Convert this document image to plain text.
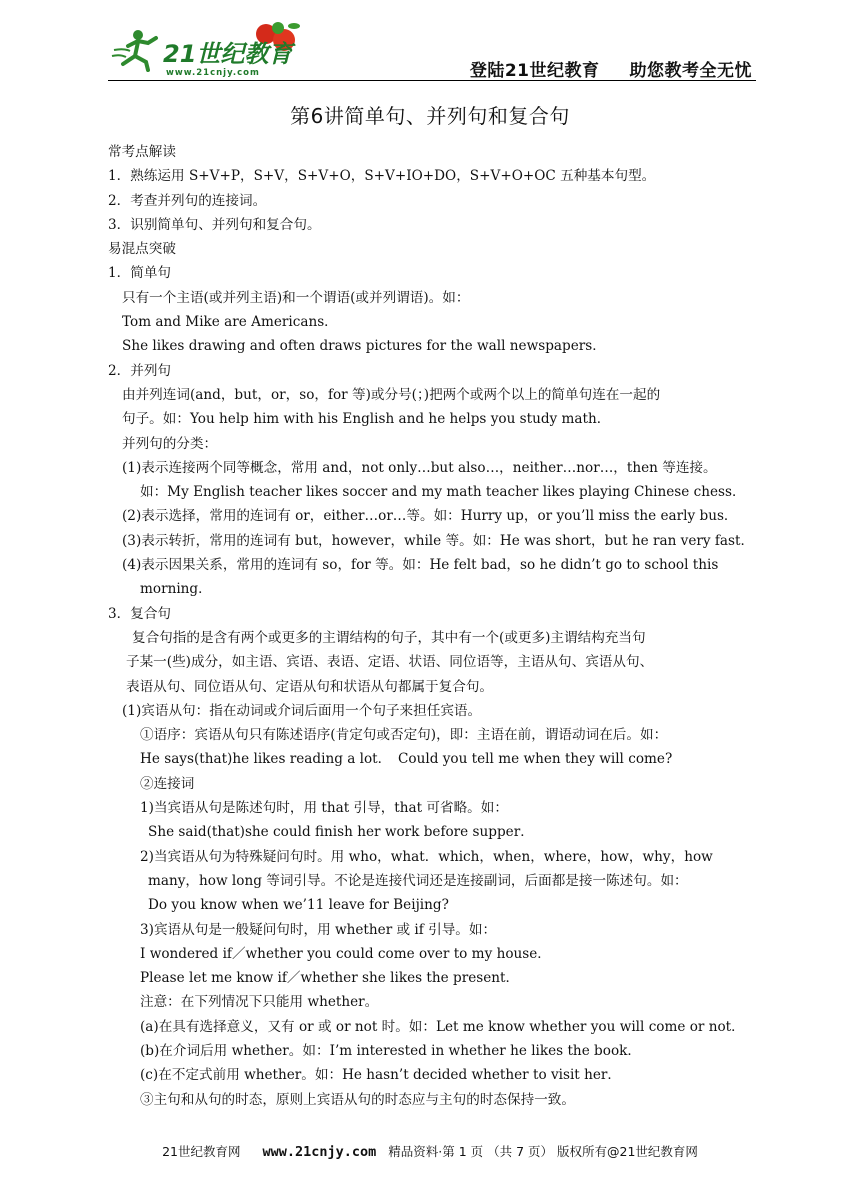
21世纪教育
www.21cnjy.com	登陆21世纪教育 助您教考全无忧
第6讲简单句、并列句和复合句
常考点解读
1．熟练运用 S+V+P，S+V，S+V+O，S+V+IO+DO，S+V+O+OC 五种基本句型。
2．考查并列句的连接词。
3．识别简单句、并列句和复合句。
易混点突破
1．简单句
只有一个主语(或并列主语)和一个谓语(或并列谓语)。如：
Tom and Mike are Americans．
She likes drawing and often draws pictures for the wall newspapers．
2．并列句
由并列连词(and，but，or，so，for 等)或分号(；)把两个或两个以上的简单句连在一起的
句子。如：You help him with his English and he helps you study math．
并列句的分类：
(1)表示连接两个同等概念，常用 and，not only…but also…，neither…nor…，then 等连接。
如：My English teacher likes soccer and my math teacher likes playing Chinese chess．
(2)表示选择，常用的连词有 or，either…or…等。如：Hurry up，or you’ll miss the early bus．
(3)表示转折，常用的连词有 but，however，while 等。如：He was short，but he ran very fast．
(4)表示因果关系，常用的连词有 so，for 等。如：He felt bad，so he didn’t go to school this
morning．
3．复合句
复合句指的是含有两个或更多的主谓结构的句子，其中有一个(或更多)主谓结构充当句
子某一(些)成分，如主语、宾语、表语、定语、状语、同位语等，主语从句、宾语从句、
表语从句、同位语从句、定语从句和状语从句都属于复合句。
(1)宾语从句：指在动词或介词后面用一个句子来担任宾语。
①语序：宾语从句只有陈述语序(肯定句或否定句)，即：主语在前，谓语动词在后。如：
He says(that)he likes reading a lot．　Could you tell me when they will come?
②连接词
1)当宾语从句是陈述句时，用 that 引导，that 可省略。如：
She said(that)she could finish her work before supper．
2)当宾语从句为特殊疑问句时。用 who，what．which，when，where，how，why，how
many，how long 等词引导。不论是连接代词还是连接副词，后面都是接一陈述句。如：
Do you know when we’11 leave for Beijing?
3)宾语从句是一般疑问句时，用 whether 或 if 引导。如：
I wondered if／whether you could come over to my house．
Please let me know if／whether she likes the present．
注意：在下列情况下只能用 whether。
(a)在具有选择意义，又有 or 或 or not 时。如：Let me know whether you will come or not．
(b)在介词后用 whether。如：I’m interested in whether he likes the book．
(c)在不定式前用 whether。如：He hasn’t decided whether to visit her．
③主句和从句的时态，原则上宾语从句的时态应与主句的时态保持一致。
21世纪教育网 www.21cnjy.com 精品资料·第 1 页 （共 7 页） 版权所有@21世纪教育网
